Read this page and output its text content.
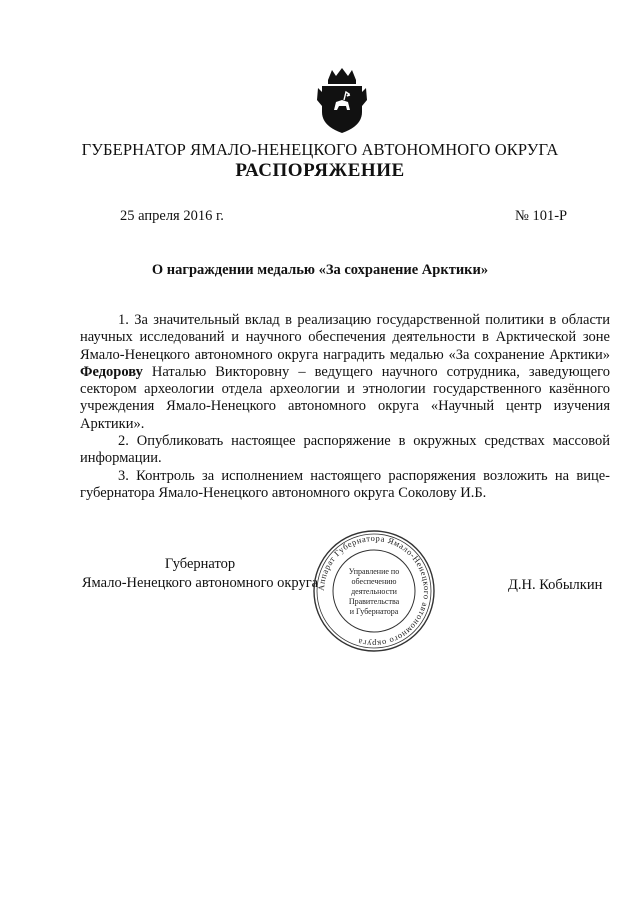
ГУБЕРНАТОР ЯМАЛО-НЕНЕЦКОГО АВТОНОМНОГО ОКРУГА
РАСПОРЯЖЕНИЕ
25 апреля 2016 г.	№ 101-Р
О награждении медалью «За сохранение Арктики»

1. За значительный вклад в реализацию государственной политики в области научных исследований и научного обеспечения деятельности в Арктической зоне Ямало-Ненецкого автономного округа наградить медалью «За сохранение Арктики» Федорову Наталью Викторовну – ведущего научного сотрудника, заведующего сектором археологии отдела археологии и этнологии государственного казённого учреждения Ямало-Ненецкого автономного округа «Научный центр изучения Арктики».

2. Опубликовать настоящее распоряжение в окружных средствах массовой информации.

3. Контроль за исполнением настоящего распоряжения возложить на вице-губернатора Ямало-Ненецкого автономного округа Соколову И.Б.

Губернатор
Ямало-Ненецкого автономного округа
Аппарат Губернатора Ямало-Ненецкого автономного округа
Управление по
обеспечению
деятельности
Правительства
и Губернатора
Д.Н. Кобылкин
